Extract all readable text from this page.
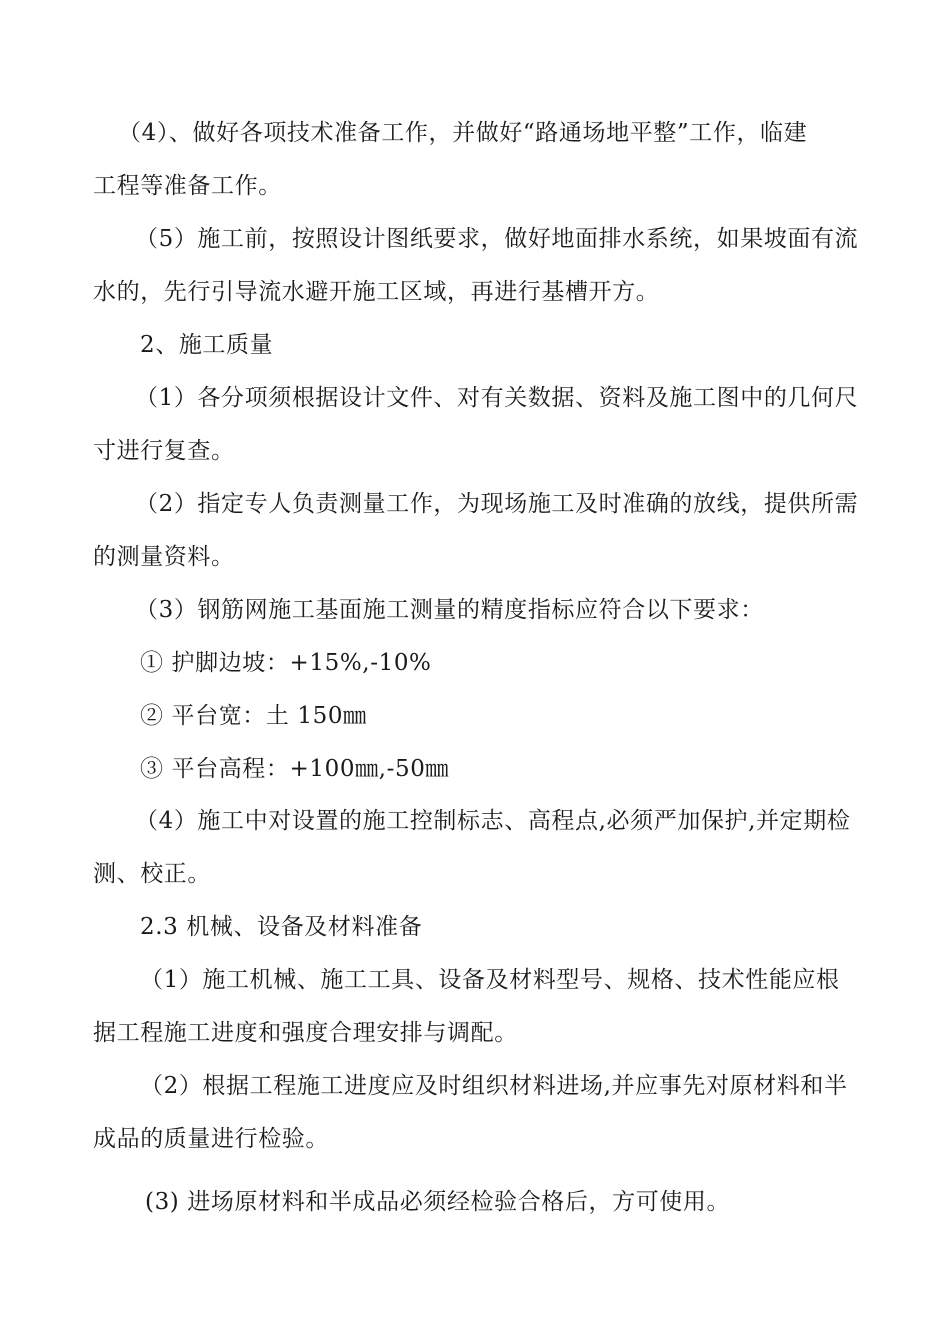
（4）、做好各项技术准备工作，并做好“路通场地平整”工作，临建
工程等准备工作。
（5）施工前，按照设计图纸要求，做好地面排水系统，如果坡面有流
水的，先行引导流水避开施工区域，再进行基槽开方。
2、施工质量
（1）各分项须根据设计文件、对有关数据、资料及施工图中的几何尺
寸进行复查。
（2）指定专人负责测量工作，为现场施工及时准确的放线，提供所需
的测量资料。
（3）钢筋网施工基面施工测量的精度指标应符合以下要求：
① 护脚边坡：+15%,-10%
② 平台宽：土 150㎜
③ 平台高程：+100㎜,-50㎜
（4）施工中对设置的施工控制标志、高程点,必须严加保护,并定期检
测、校正。
2.3 机械、设备及材料准备
（1）施工机械、施工工具、设备及材料型号、规格、技术性能应根
据工程施工进度和强度合理安排与调配。
（2）根据工程施工进度应及时组织材料进场,并应事先对原材料和半
成品的质量进行检验。
(3) 进场原材料和半成品必须经检验合格后，方可使用。
